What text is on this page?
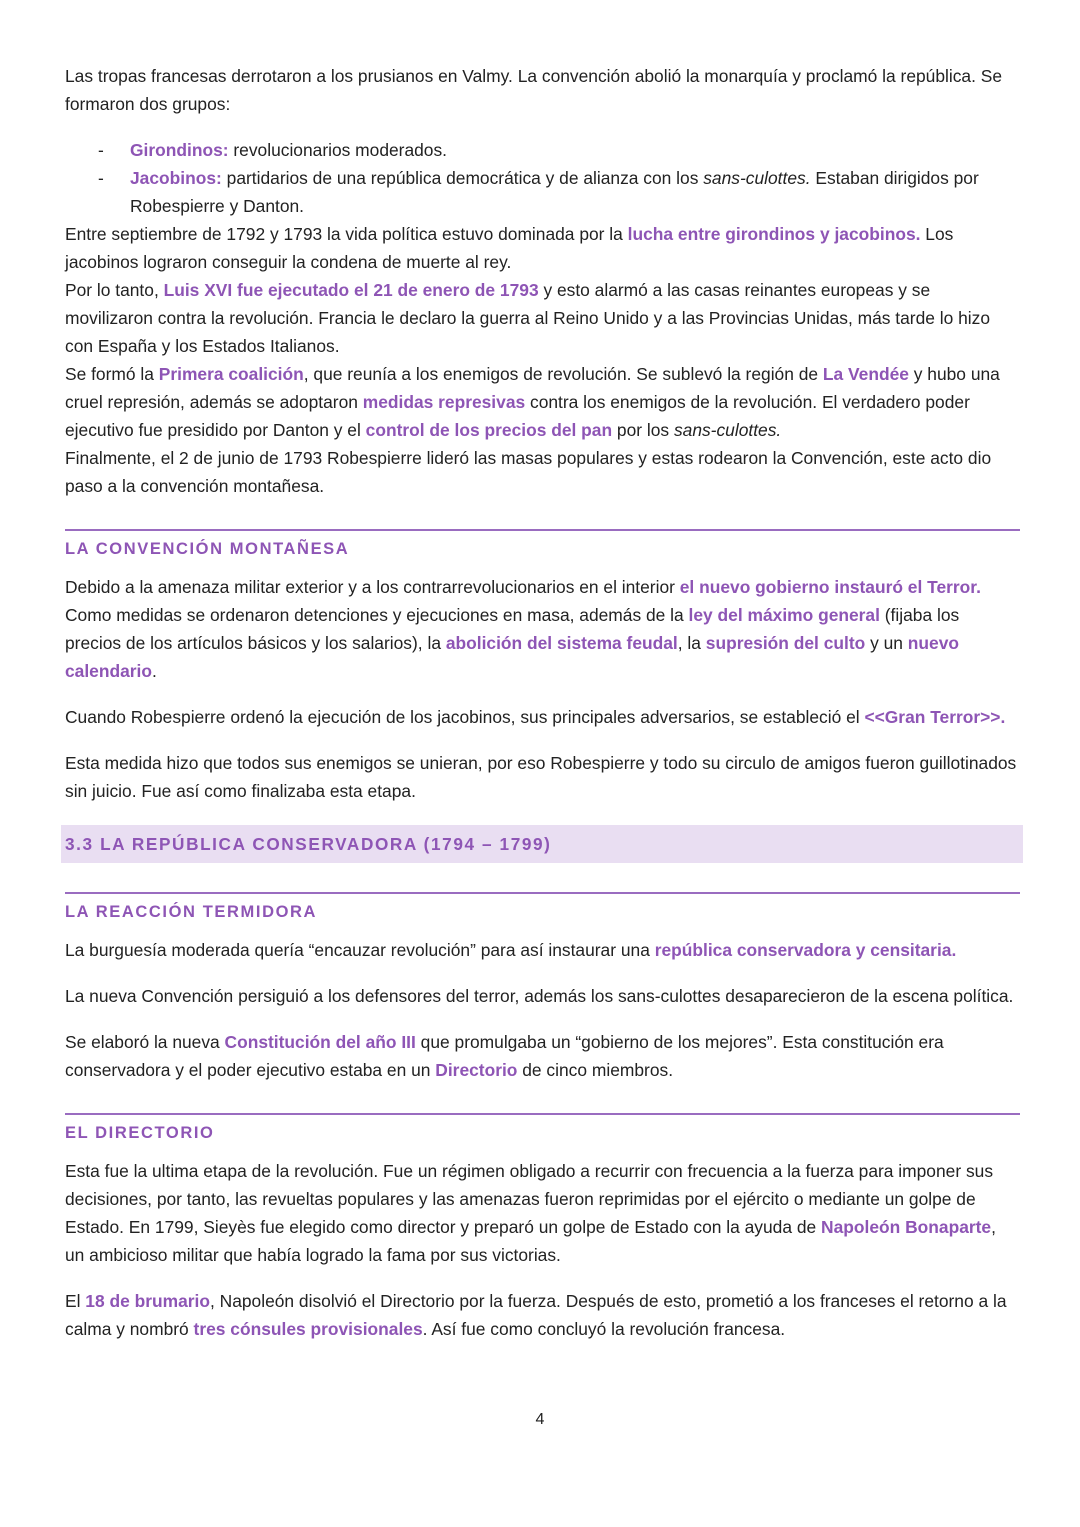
Las tropas francesas derrotaron a los prusianos en Valmy. La convención abolió la monarquía y proclamó la república. Se formaron dos grupos:

- Girondinos: revolucionarios moderados.
- Jacobinos: partidarios de una república democrática y de alianza con los sans-culottes. Estaban dirigidos por Robespierre y Danton.

Entre septiembre de 1792 y 1793 la vida política estuvo dominada por la lucha entre girondinos y jacobinos. Los jacobinos lograron conseguir la condena de muerte al rey.

Por lo tanto, Luis XVI fue ejecutado el 21 de enero de 1793 y esto alarmó a las casas reinantes europeas y se movilizaron contra la revolución. Francia le declaro la guerra al Reino Unido y a las Provincias Unidas, más tarde lo hizo con España y los Estados Italianos.

Se formó la Primera coalición, que reunía a los enemigos de revolución. Se sublevó la región de La Vendée y hubo una cruel represión, además se adoptaron medidas represivas contra los enemigos de la revolución. El verdadero poder ejecutivo fue presidido por Danton y el control de los precios del pan por los sans-culottes.

Finalmente, el 2 de junio de 1793 Robespierre lideró las masas populares y estas rodearon la Convención, este acto dio paso a la convención montañesa.

LA CONVENCIÓN MONTAÑESA

Debido a la amenaza militar exterior y a los contrarrevolucionarios en el interior el nuevo gobierno instauró el Terror. Como medidas se ordenaron detenciones y ejecuciones en masa, además de la ley del máximo general (fijaba los precios de los artículos básicos y los salarios), la abolición del sistema feudal, la supresión del culto y un nuevo calendario.

Cuando Robespierre ordenó la ejecución de los jacobinos, sus principales adversarios, se estableció el <<Gran Terror>>.

Esta medida hizo que todos sus enemigos se unieran, por eso Robespierre y todo su circulo de amigos fueron guillotinados sin juicio. Fue así como finalizaba esta etapa.

3.3 LA REPÚBLICA CONSERVADORA (1794 – 1799)
LA REACCIÓN TERMIDORA

La burguesía moderada quería “encauzar revolución” para así instaurar una república conservadora y censitaria.

La nueva Convención persiguió a los defensores del terror, además los sans-culottes desaparecieron de la escena política.

Se elaboró la nueva Constitución del año III que promulgaba un “gobierno de los mejores”. Esta constitución era conservadora y el poder ejecutivo estaba en un Directorio de cinco miembros.

EL DIRECTORIO

Esta fue la ultima etapa de la revolución. Fue un régimen obligado a recurrir con frecuencia a la fuerza para imponer sus decisiones, por tanto, las revueltas populares y las amenazas fueron reprimidas por el ejército o mediante un golpe de Estado. En 1799, Sieyès fue elegido como director y preparó un golpe de Estado con la ayuda de Napoleón Bonaparte, un ambicioso militar que había logrado la fama por sus victorias.

El 18 de brumario, Napoleón disolvió el Directorio por la fuerza. Después de esto, prometió a los franceses el retorno a la calma y nombró tres cónsules provisionales. Así fue como concluyó la revolución francesa.

4
